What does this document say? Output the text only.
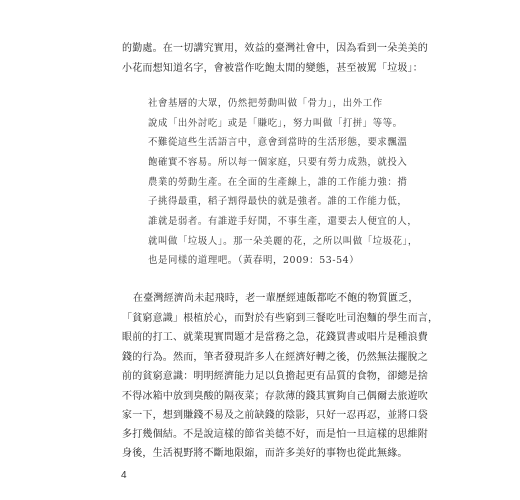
的勤處。在一切講究實用，效益的臺灣社會中，因為看到一朵美美的
小花而想知道名字，會被當作吃飽太閒的變態，甚至被罵「垃圾」：
社會基層的大眾，仍然把勞動叫做「骨力」，出外工作
說成「出外討吃」或是「賺吃」，努力叫做「打拼」等等。
不難從這些生活語言中，意會到當時的生活形態，要求飄溫
飽確實不容易。所以每一個家庭，只要有勞力成熟，就投入
農業的勞動生產。在全面的生產線上，誰的工作能力強：揹
子挑得最重，稻子割得最快的就是強者。誰的工作能力低，
誰就是弱者。有誰遊手好閒，不事生產，還要去人便宜的人，
就叫做「垃圾人」。那一朵美麗的花，之所以叫做「垃圾花」，
也是同樣的道理吧。（黃春明，2009：53-54）
在臺灣經濟尚未起飛時，老一輩歷經連飯都吃不飽的物質匱乏，
「貧窮意識」根植於心，而對於有些窮到三餐吃吐司泡麵的學生而言，
眼前的打工、就業現實問題才是當務之急，花錢買書或唱片是種浪費
錢的行為。然而，筆者發現許多人在經濟好轉之後，仍然無法擺脫之
前的貧窮意識：明明經濟能力足以負擔起更有品質的食物，卻總是捨
不得冰箱中放到臭酸的隔夜菜；存款薄的錢其實夠自己偶爾去旅遊吹
家一下，想到賺錢不易及之前缺錢的陰影，只好一忍再忍，並將口袋
多打幾個結。不是說這樣的節省美德不好，而是怕一旦這樣的思維附
身後，生活視野將不斷地限縮，而許多美好的事物也從此無緣。
4
